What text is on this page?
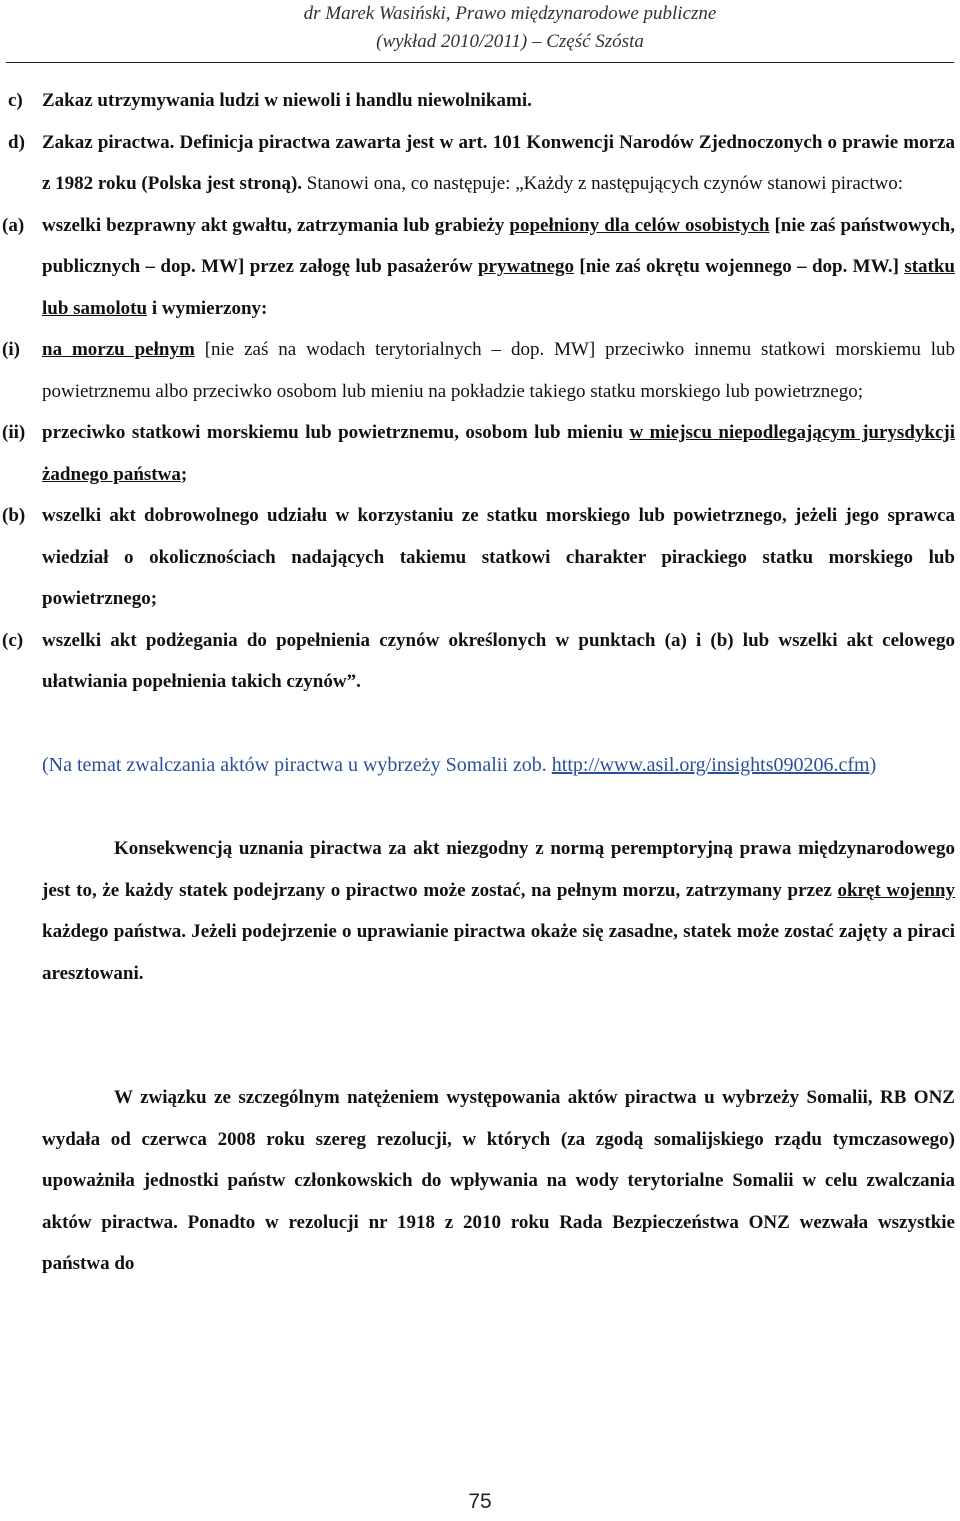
dr Marek Wasiński, Prawo międzynarodowe publiczne
(wykład 2010/2011) – Część Szósta
c) Zakaz utrzymywania ludzi w niewoli i handlu niewolnikami.
d) Zakaz piractwa. Definicja piractwa zawarta jest w art. 101 Konwencji Narodów Zjednoczonych o prawie morza z 1982 roku (Polska jest stroną). Stanowi ona, co następuje: „Każdy z następujących czynów stanowi piractwo:
(a) wszelki bezprawny akt gwałtu, zatrzymania lub grabieży popełniony dla celów osobistych [nie zaś państwowych, publicznych – dop. MW] przez załogę lub pasażerów prywatnego [nie zaś okrętu wojennego – dop. MW.] statku lub samolotu i wymierzony:
(i) na morzu pełnym [nie zaś na wodach terytorialnych – dop. MW] przeciwko innemu statkowi morskiemu lub powietrznemu albo przeciwko osobom lub mieniu na pokładzie takiego statku morskiego lub powietrznego;
(ii) przeciwko statkowi morskiemu lub powietrznemu, osobom lub mieniu w miejscu niepodlegającym jurysdykcji żadnego państwa;
(b) wszelki akt dobrowolnego udziału w korzystaniu ze statku morskiego lub powietrznego, jeżeli jego sprawca wiedział o okolicznościach nadających takiemu statkowi charakter pirackiego statku morskiego lub powietrznego;
(c) wszelki akt podżegania do popełnienia czynów określonych w punktach (a) i (b) lub wszelki akt celowego ułatwiania popełnienia takich czynów”.
(Na temat zwalczania aktów piractwa u wybrzeży Somalii zob. http://www.asil.org/insights090206.cfm)
Konsekwencją uznania piractwa za akt niezgodny z normą peremptoryjną prawa międzynarodowego jest to, że każdy statek podejrzany o piractwo może zostać, na pełnym morzu, zatrzymany przez okręt wojenny każdego państwa. Jeżeli podejrzenie o uprawianie piractwa okaże się zasadne, statek może zostać zajęty a piraci aresztowani.
W związku ze szczególnym natężeniem występowania aktów piractwa u wybrzeży Somalii, RB ONZ wydała od czerwca 2008 roku szereg rezolucji, w których (za zgodą somalijskiego rządu tymczasowego) upoważniła jednostki państw członkowskich do wpływania na wody terytorialne Somalii w celu zwalczania aktów piractwa. Ponadto w rezolucji nr 1918 z 2010 roku Rada Bezpieczeństwa ONZ wezwała wszystkie państwa do
75
